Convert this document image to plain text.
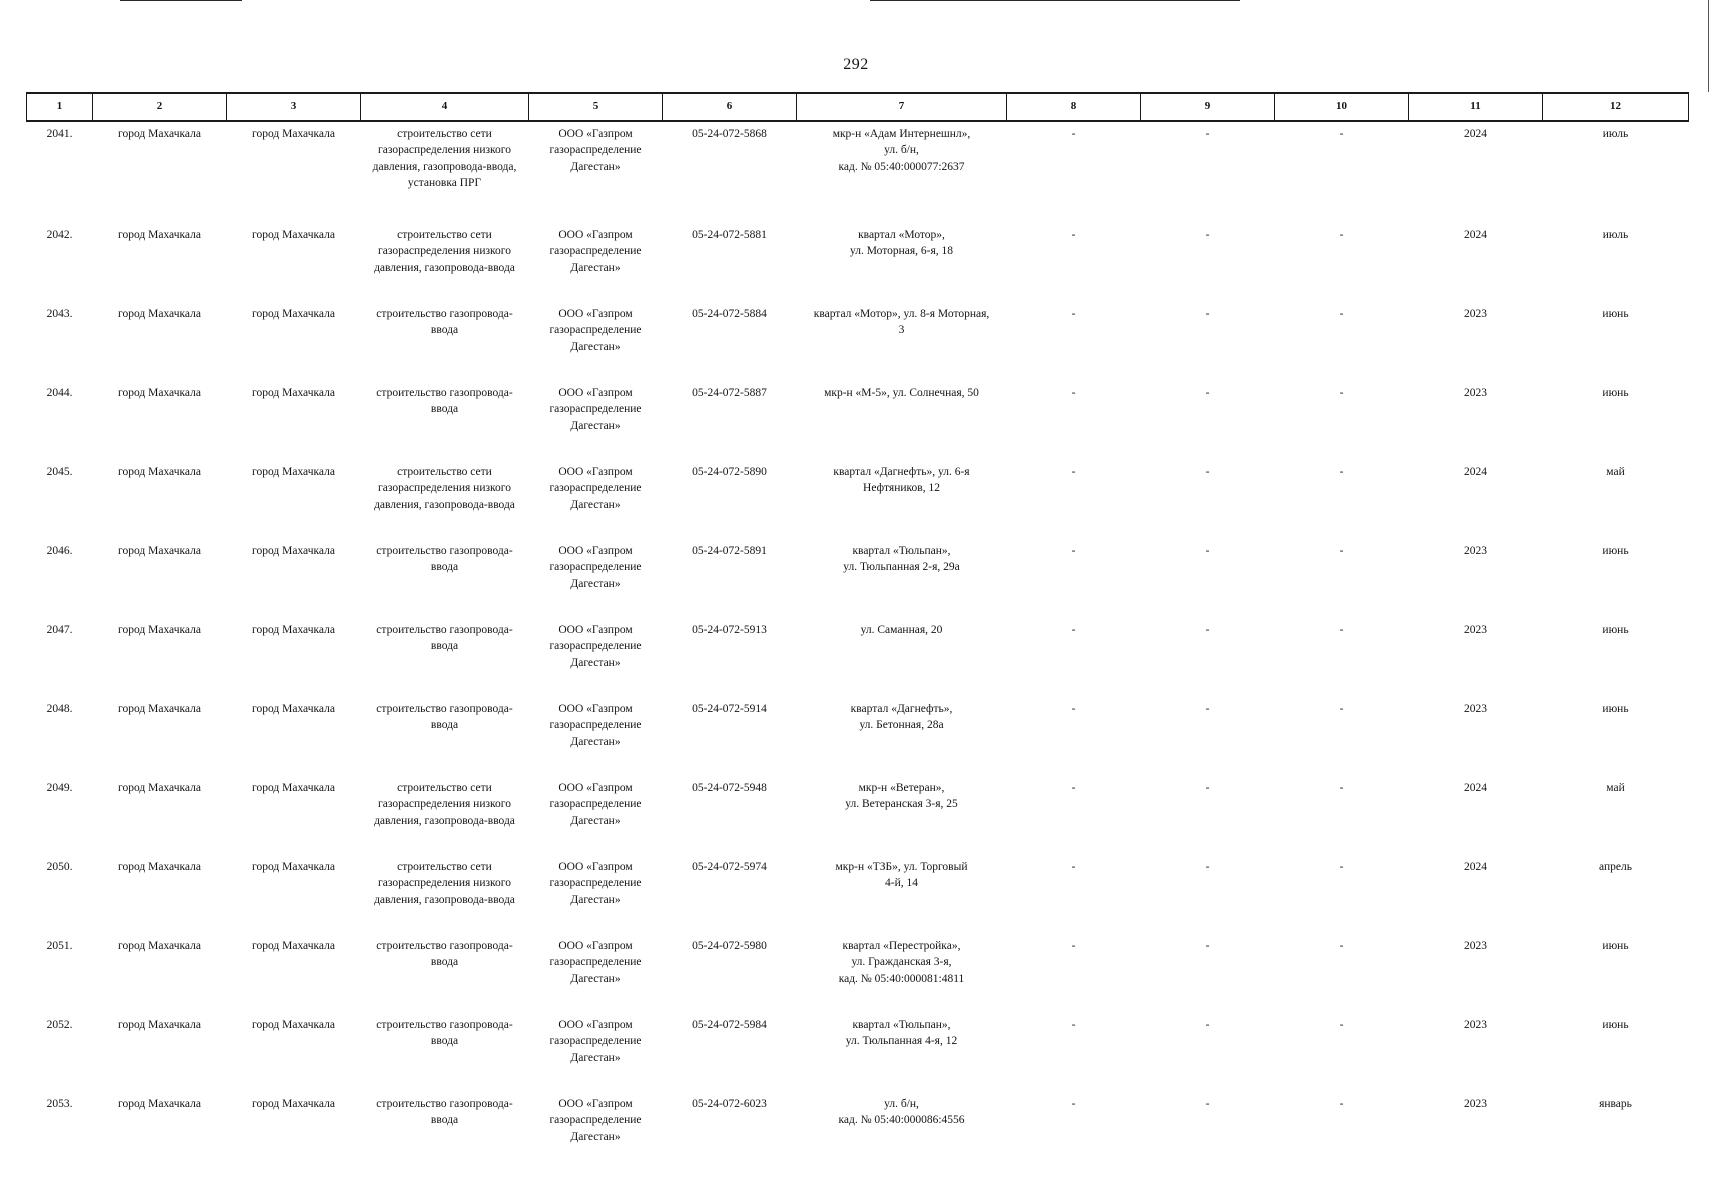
292
1	2	3	4	5	6	7	8	9	10	11	12
2041.	город Махачкала	город Махачкала	строительство сети
газораспределения низкого
давления, газопровода-ввода,
установка ПРГ	ООО «Газпром
газораспределение
Дагестан»	05-24-072-5868	мкр-н «Адам Интернешнл»,
ул. б/н,
кад. № 05:40:000077:2637	-	-	-	2024	июль
2042.	город Махачкала	город Махачкала	строительство сети
газораспределения низкого
давления, газопровода-ввода	ООО «Газпром
газораспределение
Дагестан»	05-24-072-5881	квартал «Мотор»,
ул. Моторная, 6-я, 18	-	-	-	2024	июль
2043.	город Махачкала	город Махачкала	строительство газопровода-
ввода	ООО «Газпром
газораспределение
Дагестан»	05-24-072-5884	квартал «Мотор», ул. 8-я Моторная,
3	-	-	-	2023	июнь
2044.	город Махачкала	город Махачкала	строительство газопровода-
ввода	ООО «Газпром
газораспределение
Дагестан»	05-24-072-5887	мкр-н «М-5», ул. Солнечная, 50	-	-	-	2023	июнь
2045.	город Махачкала	город Махачкала	строительство сети
газораспределения низкого
давления, газопровода-ввода	ООО «Газпром
газораспределение
Дагестан»	05-24-072-5890	квартал «Дагнефть», ул. 6-я
Нефтяников, 12	-	-	-	2024	май
2046.	город Махачкала	город Махачкала	строительство газопровода-
ввода	ООО «Газпром
газораспределение
Дагестан»	05-24-072-5891	квартал «Тюльпан»,
ул. Тюльпанная 2-я, 29а	-	-	-	2023	июнь
2047.	город Махачкала	город Махачкала	строительство газопровода-
ввода	ООО «Газпром
газораспределение
Дагестан»	05-24-072-5913	ул. Саманная, 20	-	-	-	2023	июнь
2048.	город Махачкала	город Махачкала	строительство газопровода-
ввода	ООО «Газпром
газораспределение
Дагестан»	05-24-072-5914	квартал «Дагнефть»,
ул. Бетонная, 28а	-	-	-	2023	июнь
2049.	город Махачкала	город Махачкала	строительство сети
газораспределения низкого
давления, газопровода-ввода	ООО «Газпром
газораспределение
Дагестан»	05-24-072-5948	мкр-н «Ветеран»,
ул. Ветеранская 3-я, 25	-	-	-	2024	май
2050.	город Махачкала	город Махачкала	строительство сети
газораспределения низкого
давления, газопровода-ввода	ООО «Газпром
газораспределение
Дагестан»	05-24-072-5974	мкр-н «ТЗБ», ул. Торговый
4-й, 14	-	-	-	2024	апрель
2051.	город Махачкала	город Махачкала	строительство газопровода-
ввода	ООО «Газпром
газораспределение
Дагестан»	05-24-072-5980	квартал «Перестройка»,
ул. Гражданская 3-я,
кад. № 05:40:000081:4811	-	-	-	2023	июнь
2052.	город Махачкала	город Махачкала	строительство газопровода-
ввода	ООО «Газпром
газораспределение
Дагестан»	05-24-072-5984	квартал «Тюльпан»,
ул. Тюльпанная 4-я, 12	-	-	-	2023	июнь
2053.	город Махачкала	город Махачкала	строительство газопровода-
ввода	ООО «Газпром
газораспределение
Дагестан»	05-24-072-6023	ул. б/н,
кад. № 05:40:000086:4556	-	-	-	2023	январь
